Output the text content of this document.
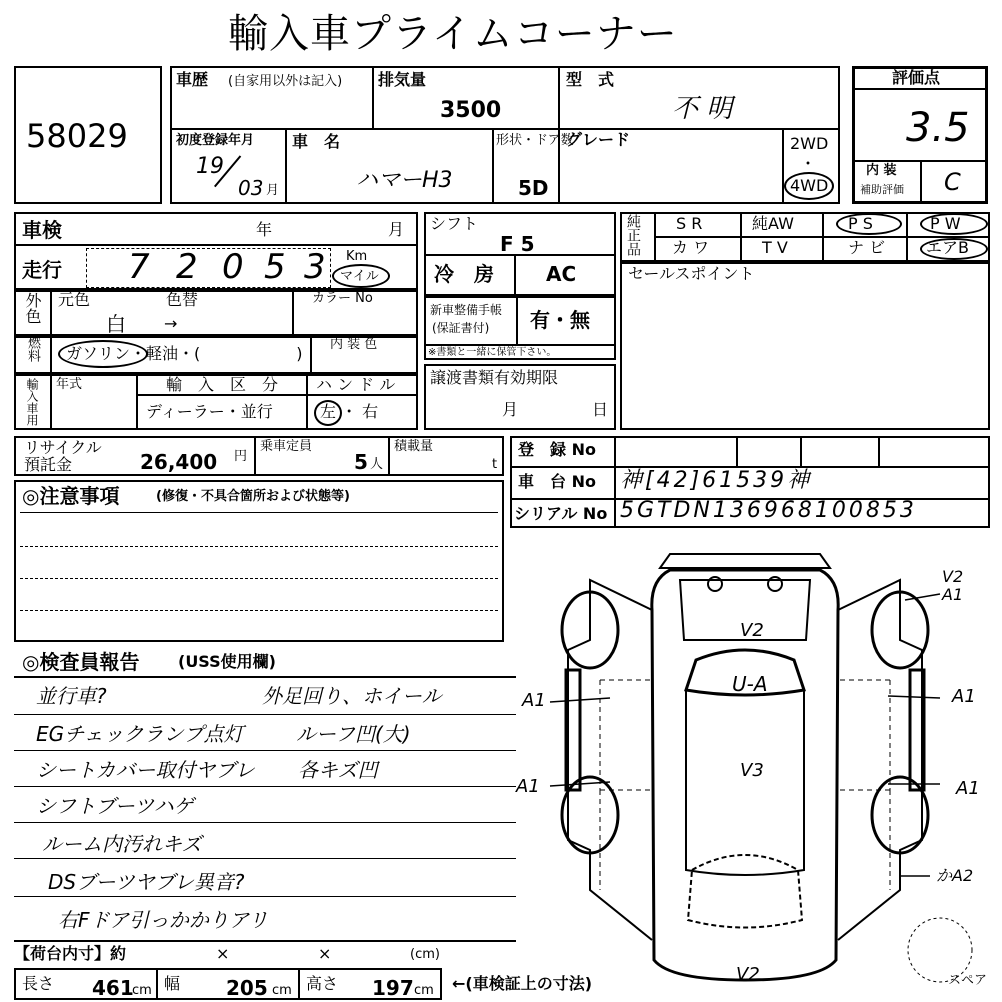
輸入車プライムコーナー
58029
車歴 (自家用以外は記入) 排気量
3500
型　式
不 明
初度登録年月
19
03 月
車　名
ハマーH3
形状・ドア数
5D
グレード	2WD
・
4WD
評価点
3.5
内 装
補助評価 C
車検	年	月
走行 7 2 0 5 3 Km
マイル
シフト
F 5
冷　房	AC
純正品 S R	純AW	P S	P W
カ ワ	T V	ナ ビ	エアB
セールスポイント
外色 元色	色替
白 →
カラー No
新車整備手帳
(保証書付) 有・無
※書類と一緒に保管下さい。
燃料 ガソリン・軽油・(　　　　　　) 内 装 色
輸入車用 年式	輸　入　区　分
ディーラー・並行
ハ ン ド ル
左 ・ 右
譲渡書類有効期限
月	日
リサイクル
預託金	26,400 円
乗車定員
5 人
積載量
t
登　録 No
車　台 No 神[42]61539神
シリアル No 5GTDN136968100853
◎注意事項	(修復・不具合箇所および状態等)
◎検査員報告 (USS使用欄)
並行車?	外足回り、ホイール
EGチェックランプ点灯	ルーフ凹(大)
シートカバー取付ヤブレ 各キズ凹
シフトブーツハゲ
ルーム内汚れキズ
DSブーツヤブレ異音?
右Fドア引っかかりアリ
【荷台内寸】約	×	×	(cm)
長さ 461
cm 幅 205 cm 高さ 197 cm ←(車検証上の寸法)
V2
A1
V2
U-A
V3
A1
A1
A1
A1
かA2
V2	スペア
